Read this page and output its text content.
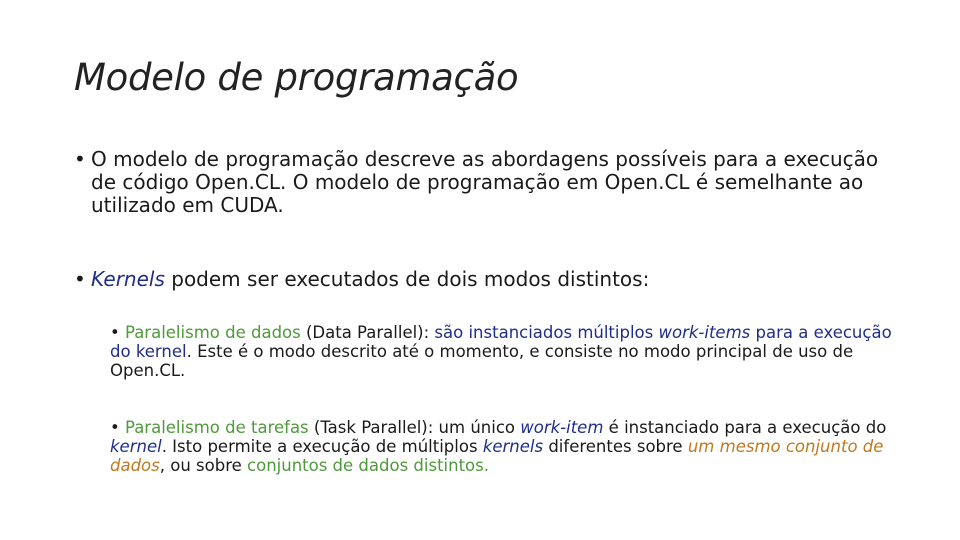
Modelo de programação
• O modelo de programação descreve as abordagens possíveis para a execução de código Open.CL. O modelo de programação em Open.CL é semelhante ao utilizado em CUDA.
• Kernels podem ser executados de dois modos distintos:
• Paralelismo de dados (Data Parallel): são instanciados múltiplos work-items para a execução do kernel. Este é o modo descrito até o momento, e consiste no modo principal de uso de Open.CL.
• Paralelismo de tarefas (Task Parallel): um único work-item é instanciado para a execução do kernel. Isto permite a execução de múltiplos kernels diferentes sobre um mesmo conjunto de dados, ou sobre conjuntos de dados distintos.
